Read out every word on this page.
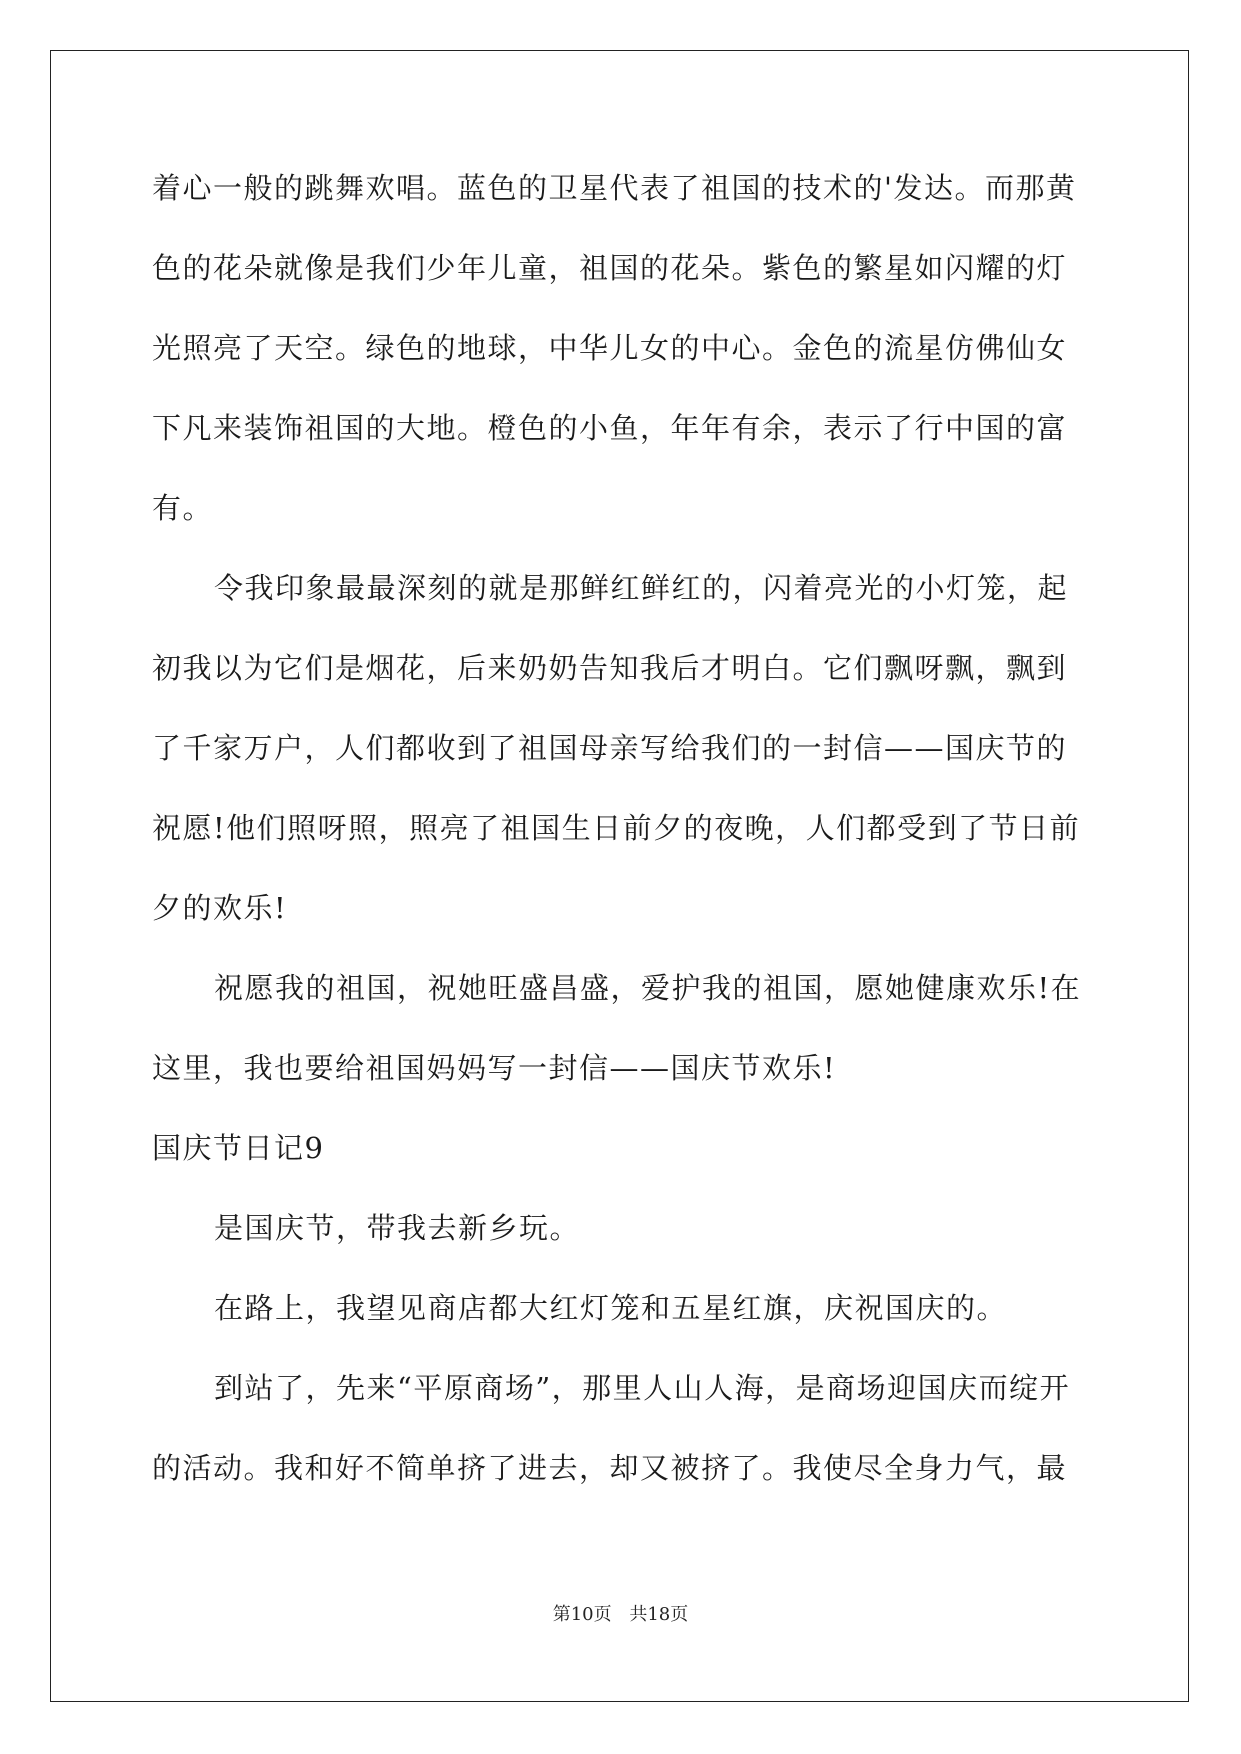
着心一般的跳舞欢唱。蓝色的卫星代表了祖国的技术的'发达。而那黄
色的花朵就像是我们少年儿童，祖国的花朵。紫色的繁星如闪耀的灯
光照亮了天空。绿色的地球，中华儿女的中心。金色的流星仿佛仙女
下凡来装饰祖国的大地。橙色的小鱼，年年有余，表示了行中国的富
有。
令我印象最最深刻的就是那鲜红鲜红的，闪着亮光的小灯笼，起
初我以为它们是烟花，后来奶奶告知我后才明白。它们飘呀飘，飘到
了千家万户，人们都收到了祖国母亲写给我们的一封信——国庆节的
祝愿!他们照呀照，照亮了祖国生日前夕的夜晚，人们都受到了节日前
夕的欢乐!
祝愿我的祖国，祝她旺盛昌盛，爱护我的祖国，愿她健康欢乐!在
这里，我也要给祖国妈妈写一封信——国庆节欢乐!
国庆节日记9
是国庆节，带我去新乡玩。
在路上，我望见商店都大红灯笼和五星红旗，庆祝国庆的。
到站了，先来“平原商场”，那里人山人海，是商场迎国庆而绽开
的活动。我和好不简单挤了进去，却又被挤了。我使尽全身力气，最
第10页 共18页
